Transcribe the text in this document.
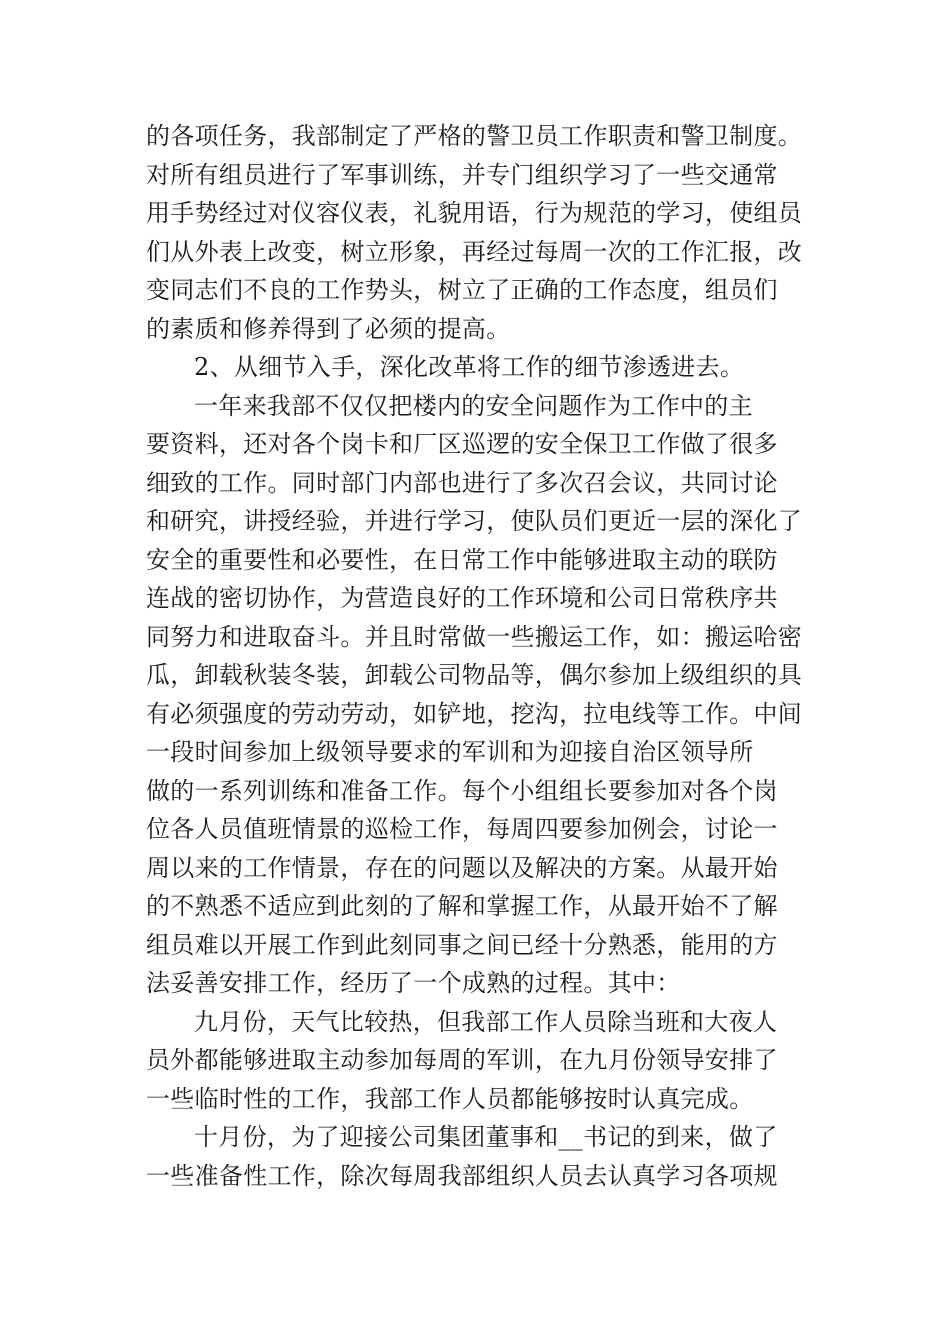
的各项任务，我部制定了严格的警卫员工作职责和警卫制度。
对所有组员进行了军事训练，并专门组织学习了一些交通常
用手势经过对仪容仪表，礼貌用语，行为规范的学习，使组员
们从外表上改变，树立形象，再经过每周一次的工作汇报，改
变同志们不良的工作势头，树立了正确的工作态度，组员们
的素质和修养得到了必须的提高。
2、从细节入手，深化改革将工作的细节渗透进去。
一年来我部不仅仅把楼内的安全问题作为工作中的主
要资料，还对各个岗卡和厂区巡逻的安全保卫工作做了很多
细致的工作。同时部门内部也进行了多次召会议，共同讨论
和研究，讲授经验，并进行学习，使队员们更近一层的深化了
安全的重要性和必要性，在日常工作中能够进取主动的联防
连战的密切协作，为营造良好的工作环境和公司日常秩序共
同努力和进取奋斗。并且时常做一些搬运工作，如：搬运哈密
瓜，卸载秋装冬装，卸载公司物品等，偶尔参加上级组织的具
有必须强度的劳动劳动，如铲地，挖沟，拉电线等工作。中间
一段时间参加上级领导要求的军训和为迎接自治区领导所
做的一系列训练和准备工作。每个小组组长要参加对各个岗
位各人员值班情景的巡检工作，每周四要参加例会，讨论一
周以来的工作情景，存在的问题以及解决的方案。从最开始
的不熟悉不适应到此刻的了解和掌握工作，从最开始不了解
组员难以开展工作到此刻同事之间已经十分熟悉，能用的方
法妥善安排工作，经历了一个成熟的过程。其中：
九月份，天气比较热，但我部工作人员除当班和大夜人
员外都能够进取主动参加每周的军训，在九月份领导安排了
一些临时性的工作，我部工作人员都能够按时认真完成。
十月份，为了迎接公司集团董事和__书记的到来，做了
一些准备性工作，除次每周我部组织人员去认真学习各项规
